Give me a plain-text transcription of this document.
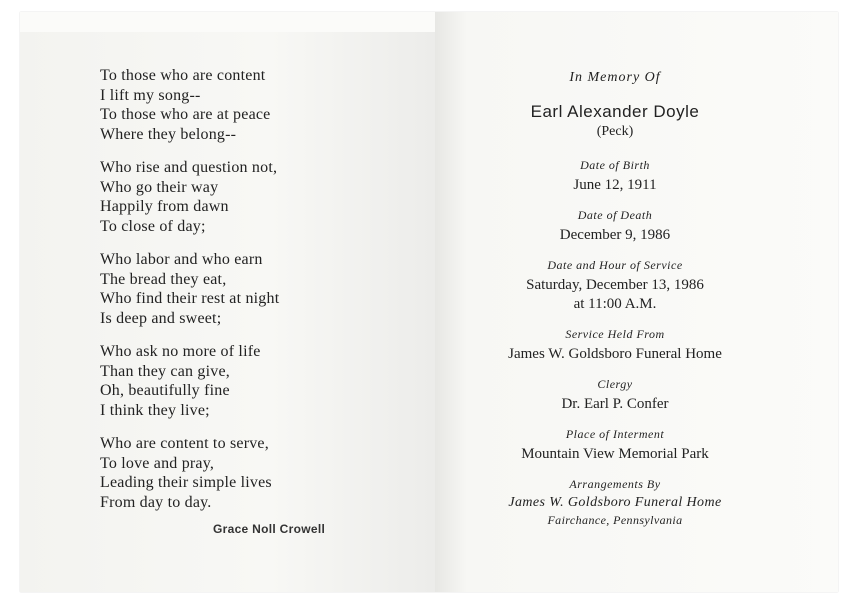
To those who are content
I lift my song--
To those who are at peace
Where they belong--
Who rise and question not,
Who go their way
Happily from dawn
To close of day;
Who labor and who earn
The bread they eat,
Who find their rest at night
Is deep and sweet;
Who ask no more of life
Than they can give,
Oh, beautifully fine
I think they live;
Who are content to serve,
To love and pray,
Leading their simple lives
From day to day.
Grace Noll Crowell
In Memory Of
Earl Alexander Doyle
(Peck)
Date of Birth
June 12, 1911
Date of Death
December 9, 1986
Date and Hour of Service
Saturday, December 13, 1986
at 11:00 A.M.
Service Held From
James W. Goldsboro Funeral Home
Clergy
Dr. Earl P. Confer
Place of Interment
Mountain View Memorial Park
Arrangements By
James W. Goldsboro Funeral Home
Fairchance, Pennsylvania
